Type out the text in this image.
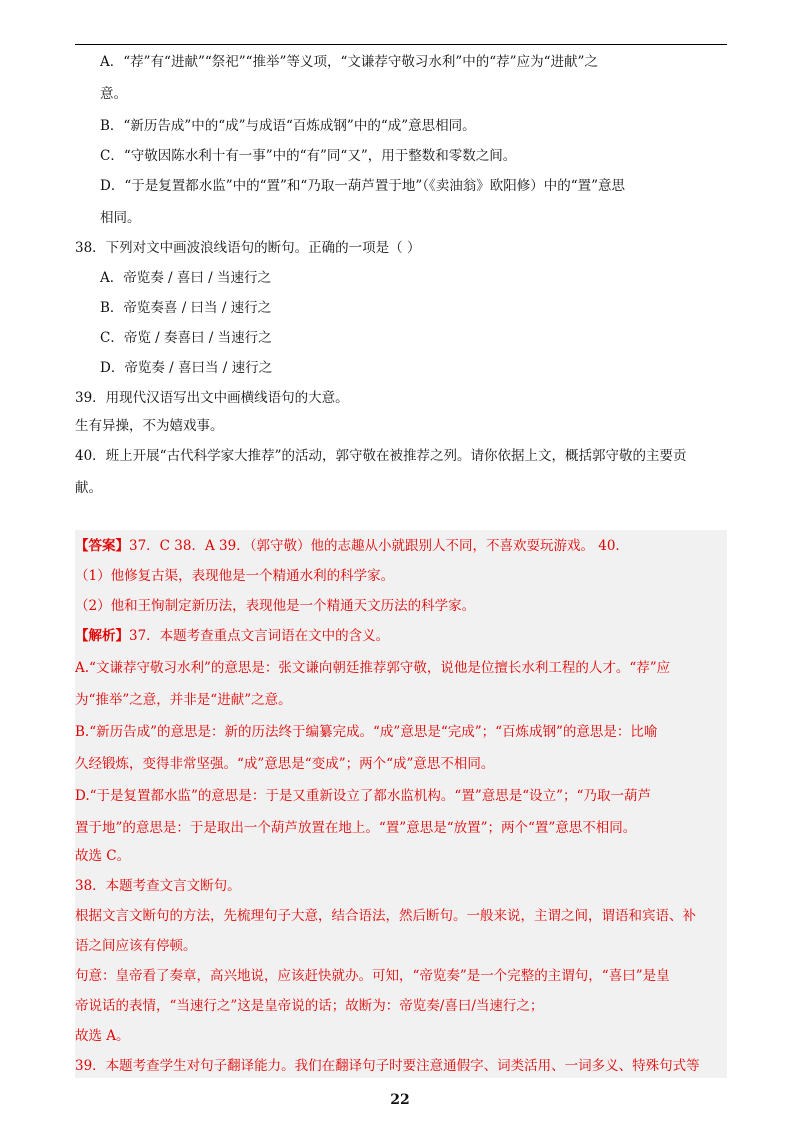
A．“荐”有“进献”“祭祀”“推举”等义项，“文谦荐守敬习水利”中的“荐”应为“进献”之
意。
B．“新历告成”中的“成”与成语“百炼成钢”中的“成”意思相同。
C．“守敬因陈水利十有一事”中的“有”同“又”，用于整数和零数之间。
D．“于是复置都水监”中的“置”和“乃取一葫芦置于地”（《卖油翁》欧阳修）中的“置”意思
相同。
38．下列对文中画波浪线语句的断句。正确的一项是（ ）
A．帝览奏 / 喜曰 / 当速行之
B．帝览奏喜 / 曰当 / 速行之
C．帝览 / 奏喜曰 / 当速行之
D．帝览奏 / 喜曰当 / 速行之
39．用现代汉语写出文中画横线语句的大意。
生有异操，不为嬉戏事。
40．班上开展“古代科学家大推荐”的活动，郭守敬在被推荐之列。请你依据上文，概括郭守敬的主要贡
献。
【答案】37．C 38．A 39．（郭守敬）他的志趣从小就跟别人不同，不喜欢耍玩游戏。 40．
（1）他修复古渠，表现他是一个精通水利的科学家。
（2）他和王恂制定新历法，表现他是一个精通天文历法的科学家。
【解析】37．本题考查重点文言词语在文中的含义。
A.“文谦荐守敬习水利”的意思是：张文谦向朝廷推荐郭守敬，说他是位擅长水利工程的人才。“荐”应
为“推举”之意，并非是“进献”之意。
B.“新历告成”的意思是：新的历法终于编纂完成。“成”意思是“完成”；“百炼成钢”的意思是：比喻
久经锻炼，变得非常坚强。“成”意思是“变成”；两个“成”意思不相同。
D.“于是复置都水监”的意思是：于是又重新设立了都水监机构。“置”意思是“设立”；“乃取一葫芦
置于地”的意思是：于是取出一个葫芦放置在地上。“置”意思是“放置”；两个“置”意思不相同。
故选 C。
38．本题考查文言文断句。
根据文言文断句的方法，先梳理句子大意，结合语法，然后断句。一般来说，主谓之间，谓语和宾语、补
语之间应该有停顿。
句意：皇帝看了奏章，高兴地说，应该赶快就办。可知，“帝览奏”是一个完整的主谓句，“喜曰”是皇
帝说话的表情，“当速行之”这是皇帝说的话；故断为：帝览奏/喜曰/当速行之；
故选 A。
39．本题考查学生对句子翻译能力。我们在翻译句子时要注意通假字、词类活用、一词多义、特殊句式等
22
